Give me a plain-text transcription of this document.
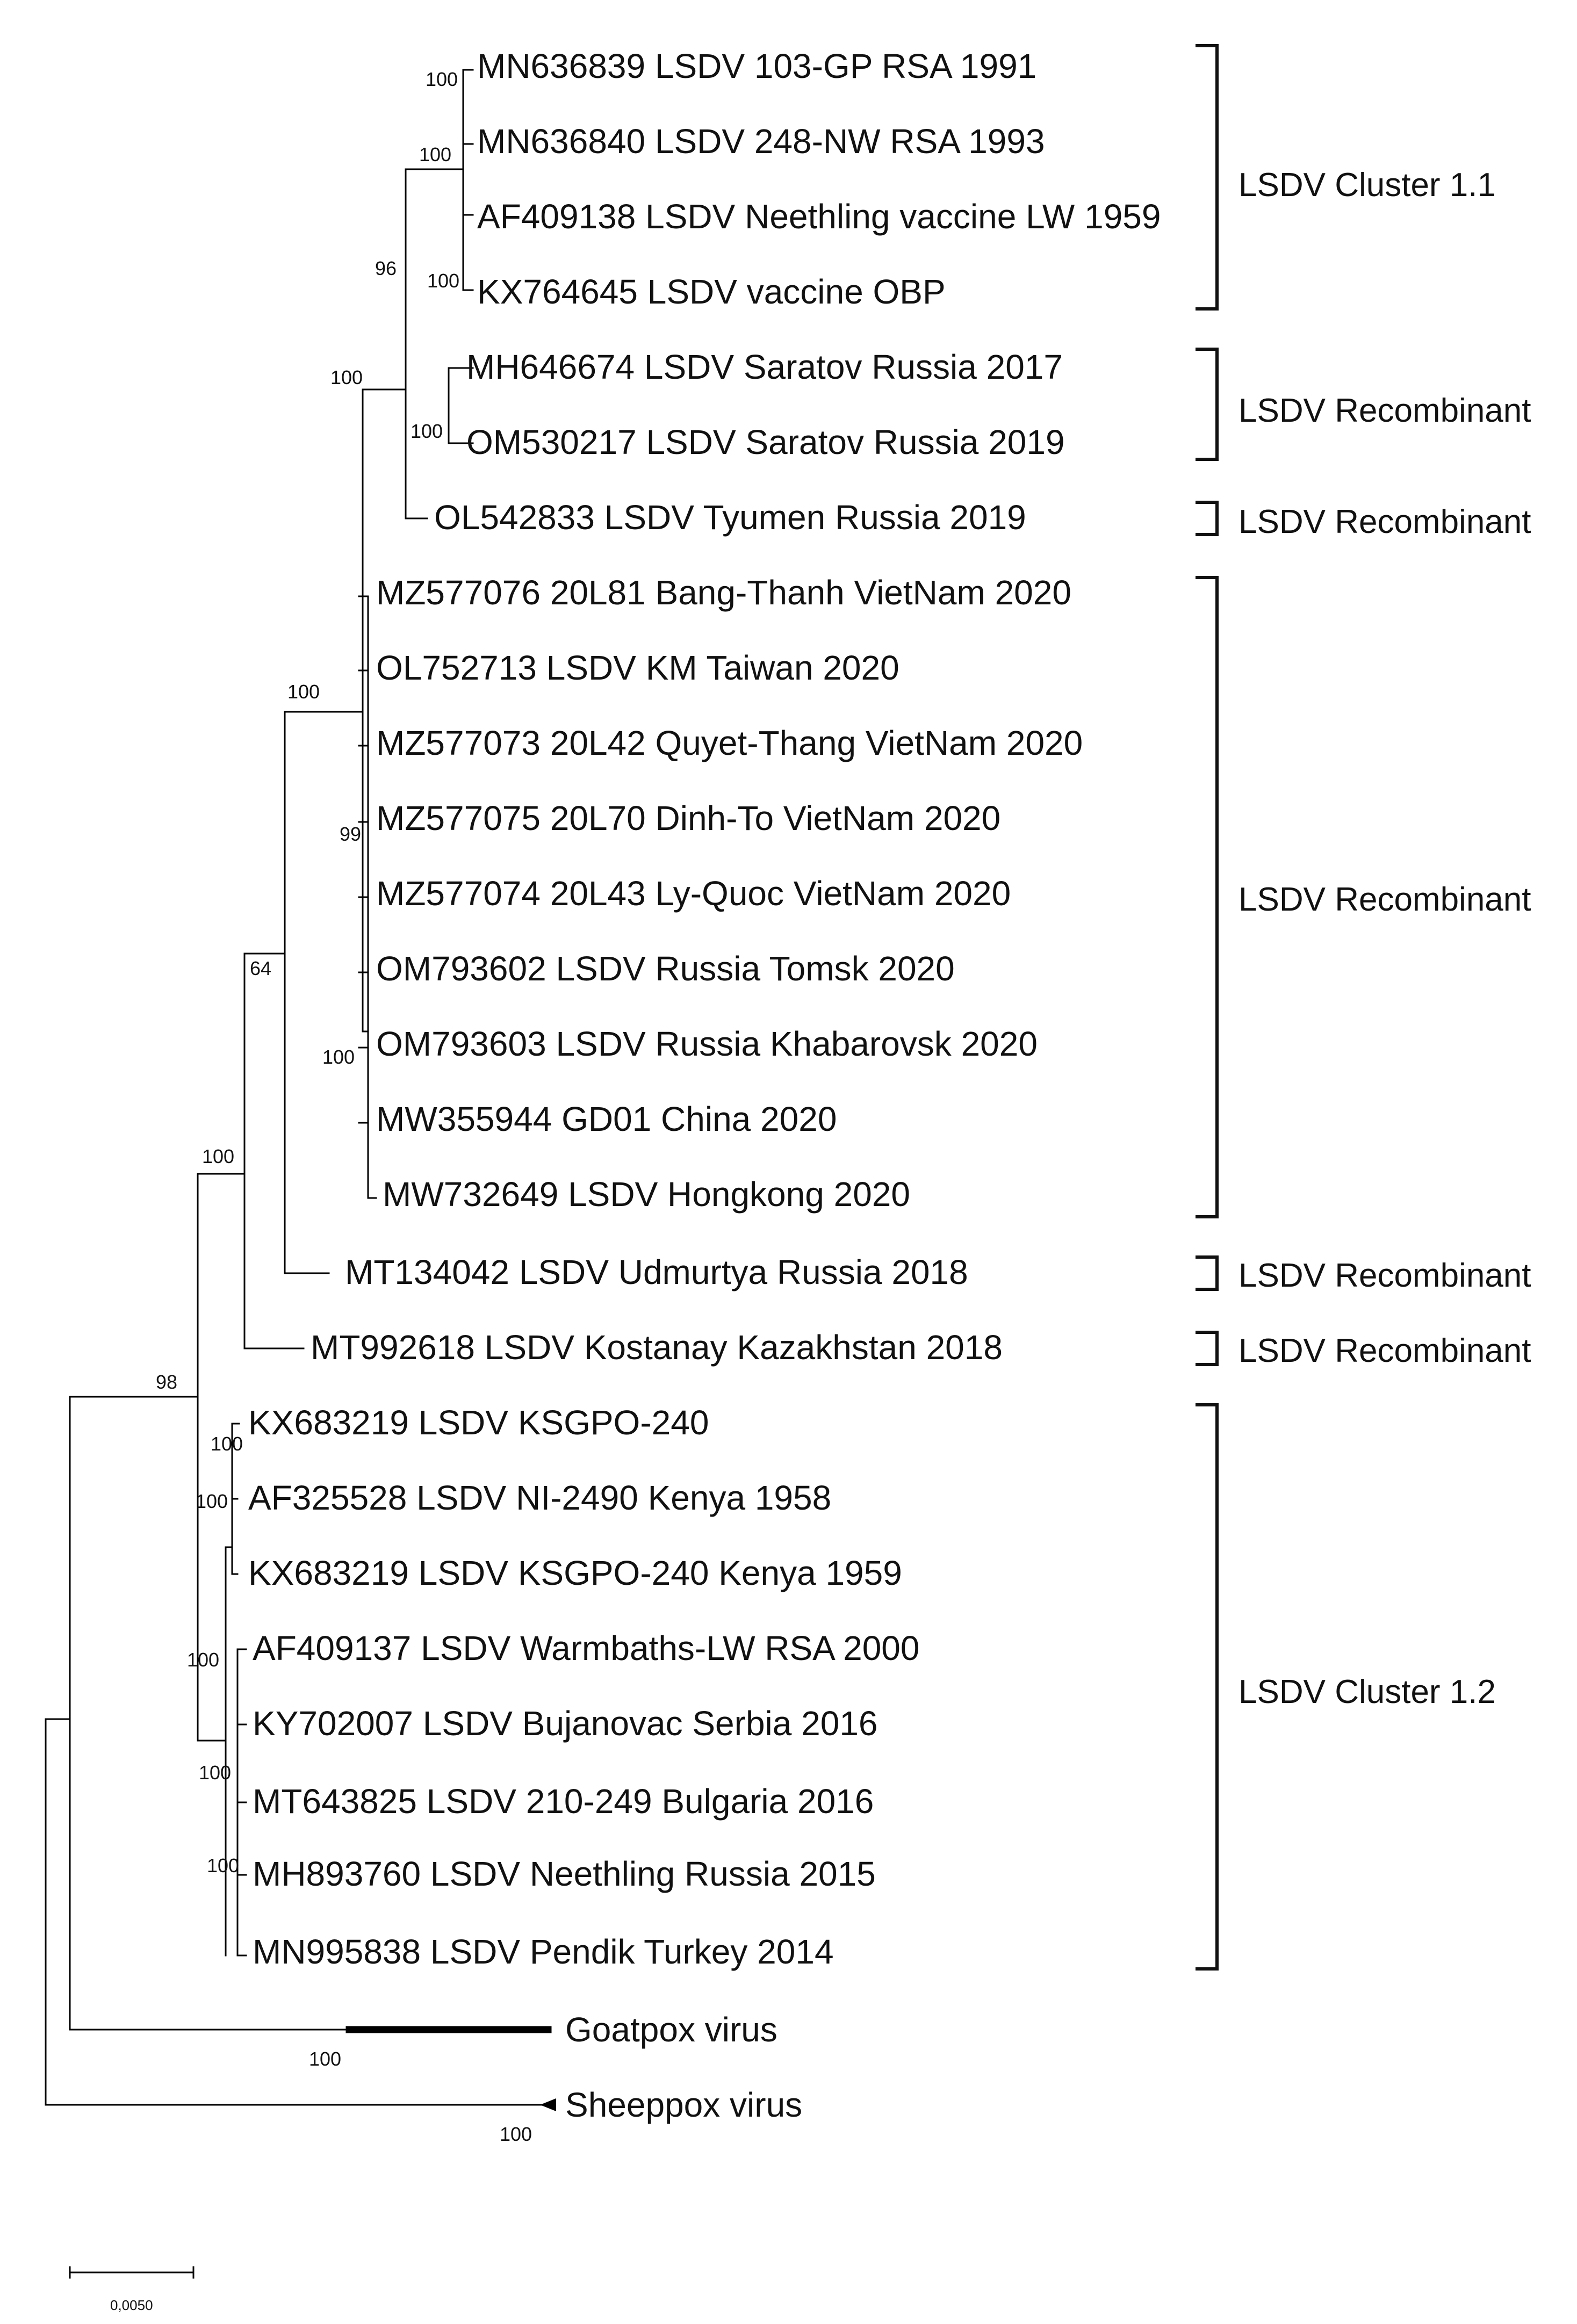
MN636839 LSDV 103-GP RSA 1991
MN636840 LSDV 248-NW RSA 1993
AF409138 LSDV Neethling vaccine LW 1959
KX764645 LSDV vaccine OBP
MH646674 LSDV Saratov Russia 2017
OM530217 LSDV Saratov Russia 2019
OL542833 LSDV Tyumen Russia 2019
MZ577076 20L81 Bang-Thanh VietNam 2020
OL752713 LSDV KM Taiwan 2020
MZ577073 20L42 Quyet-Thang VietNam 2020
MZ577075 20L70 Dinh-To VietNam 2020
MZ577074 20L43 Ly-Quoc VietNam 2020
OM793602 LSDV Russia Tomsk 2020
OM793603 LSDV Russia Khabarovsk 2020
MW355944 GD01 China 2020
MW732649 LSDV Hongkong 2020
MT134042 LSDV Udmurtya Russia 2018
MT992618 LSDV Kostanay Kazakhstan 2018
KX683219 LSDV KSGPO-240
AF325528 LSDV NI-2490 Kenya 1958
KX683219 LSDV KSGPO-240 Kenya 1959
AF409137 LSDV Warmbaths-LW RSA 2000
KY702007 LSDV Bujanovac Serbia 2016
MT643825 LSDV 210-249 Bulgaria 2016
MH893760 LSDV Neethling Russia 2015
MN995838 LSDV Pendik Turkey 2014
Goatpox virus
Sheeppox virus
100
100
96
100
100
100
100
99
64
100
100
98
100
100
100
100
100
100
100
LSDV Cluster 1.1
LSDV Recombinant
LSDV Recombinant
LSDV Recombinant
LSDV Recombinant
LSDV Recombinant
LSDV Cluster 1.2
0,0050
